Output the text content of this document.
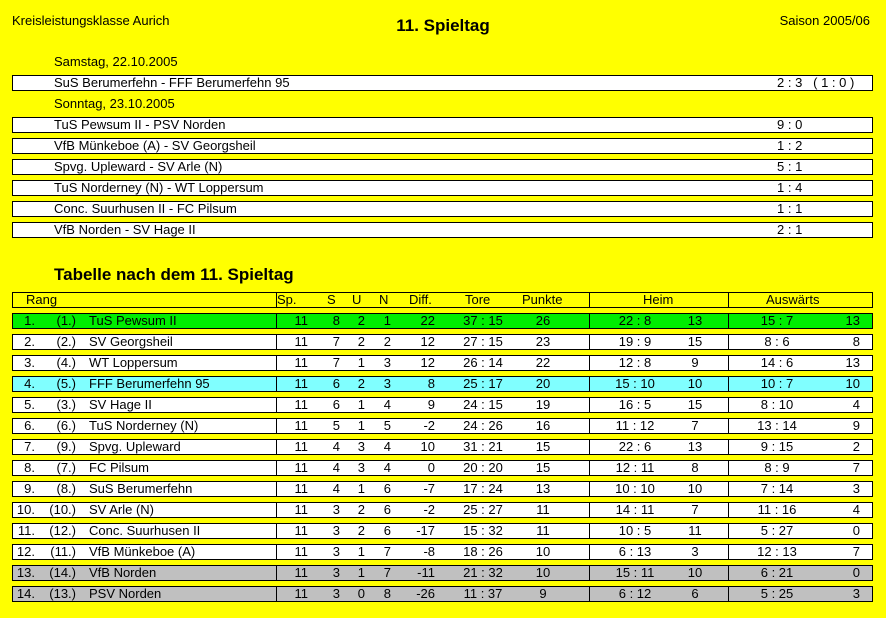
Kreisleistungsklasse Aurich	11. Spieltag	Saison 2005/06
Samstag, 22.10.2005
SuS Berumerfehn - FFF Berumerfehn 95	2 : 3   ( 1 : 0 )
Sonntag, 23.10.2005
TuS Pewsum II - PSV Norden	9 : 0
VfB Münkeboe (A) - SV Georgsheil	1 : 2
Spvg. Upleward - SV Arle (N)	5 : 1
TuS Norderney (N) - WT Loppersum	1 : 4
Conc. Suurhusen II - FC Pilsum	1 : 1
VfB Norden - SV Hage II	2 : 1
Tabelle nach dem 11. Spieltag
Rang	Sp. S U N Diff.	Tore Punkte	Heim	Auswärts
1.	(1.) TuS Pewsum II	11	8	2	1	22	37 : 15	26	22 : 8	13	15 : 7	13
2.	(2.) SV Georgsheil	11	7	2	2	12	27 : 15	23	19 : 9	15	8 : 6	8
3.	(4.) WT Loppersum	11	7	1	3	12	26 : 14	22	12 : 8	9	14 : 6	13
4.	(5.) FFF Berumerfehn 95	11	6	2	3	8	25 : 17	20	15 : 10	10	10 : 7	10
5.	(3.) SV Hage II	11	6	1	4	9	24 : 15	19	16 : 5	15	8 : 10	4
6.	(6.) TuS Norderney (N)	11	5	1	5	-2	24 : 26	16	11 : 12	7	13 : 14	9
7.	(9.) Spvg. Upleward	11	4	3	4	10	31 : 21	15	22 : 6	13	9 : 15	2
8.	(7.) FC Pilsum	11	4	3	4	0	20 : 20	15	12 : 11	8	8 : 9	7
9.	(8.) SuS Berumerfehn	11	4	1	6	-7	17 : 24	13	10 : 10	10	7 : 14	3
10.	(10.) SV Arle (N)	11	3	2	6	-2	25 : 27	11	14 : 11	7	11 : 16	4
11.	(12.) Conc. Suurhusen II	11	3	2	6	-17	15 : 32	11	10 : 5	11	5 : 27	0
12.	(11.) VfB Münkeboe (A)	11	3	1	7	-8	18 : 26	10	6 : 13	3	12 : 13	7
13.	(14.) VfB Norden	11	3	1	7	-11	21 : 32	10	15 : 11	10	6 : 21	0
14.	(13.) PSV Norden	11	3	0	8	-26	11 : 37	9	6 : 12	6	5 : 25	3
